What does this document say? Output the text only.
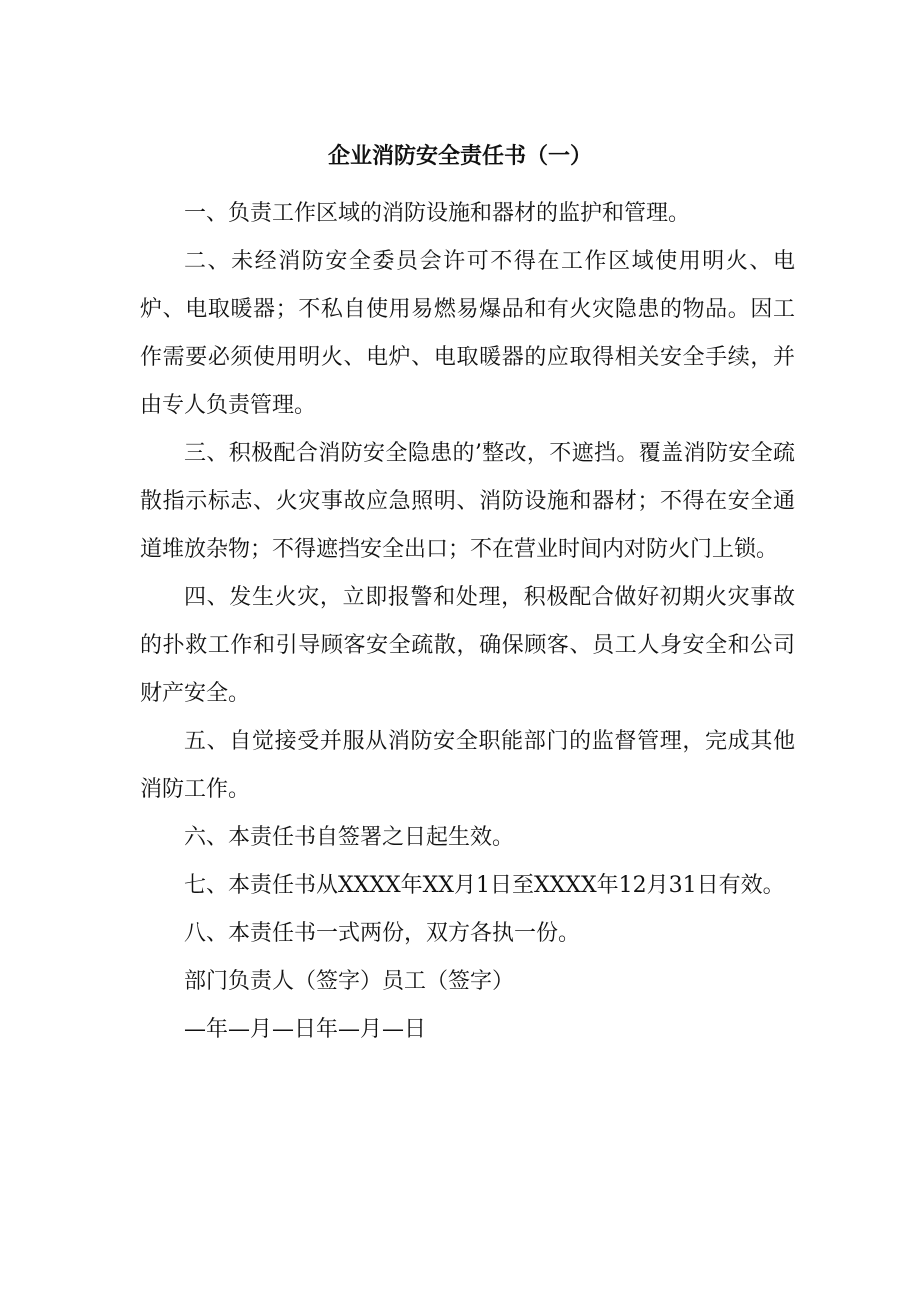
企业消防安全责任书（一）

一、负责工作区域的消防设施和器材的监护和管理。

二、未经消防安全委员会许可不得在工作区域使用明火、电炉、电取暖器；不私自使用易燃易爆品和有火灾隐患的物品。因工作需要必须使用明火、电炉、电取暖器的应取得相关安全手续，并由专人负责管理。

三、积极配合消防安全隐患的’整改，不遮挡。覆盖消防安全疏散指示标志、火灾事故应急照明、消防设施和器材；不得在安全通道堆放杂物；不得遮挡安全出口；不在营业时间内对防火门上锁。

四、发生火灾，立即报警和处理，积极配合做好初期火灾事故的扑救工作和引导顾客安全疏散，确保顾客、员工人身安全和公司财产安全。

五、自觉接受并服从消防安全职能部门的监督管理，完成其他消防工作。

六、本责任书自签署之日起生效。

七、本责任书从XXXX年XX月1日至XXXX年12月31日有效。

八、本责任书一式两份，双方各执一份。

部门负责人（签字）员工（签字）

—年—月—日年—月—日
